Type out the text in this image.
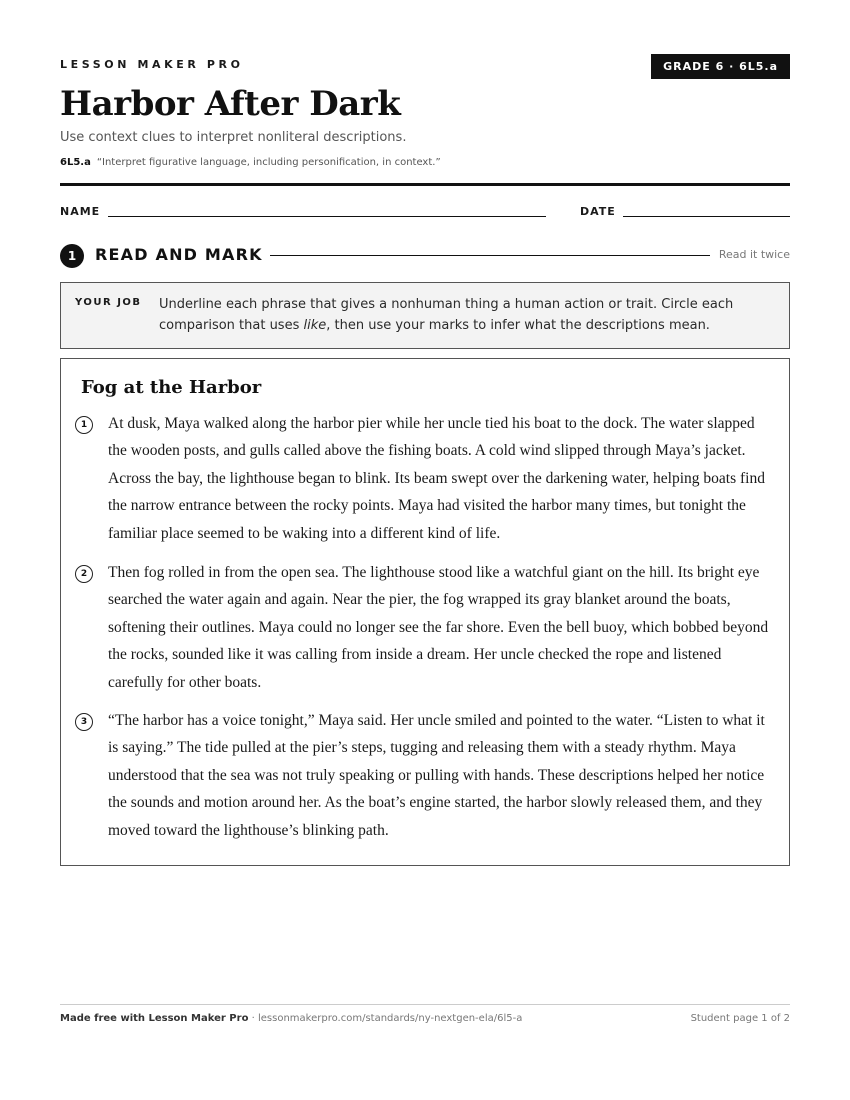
LESSON MAKER PRO	GRADE 6 · 6L5.a
Harbor After Dark
Use context clues to interpret nonliteral descriptions.
6L5.a “Interpret figurative language, including personification, in context.”
NAME	DATE
1	READ AND MARK	Read it twice
YOUR JOB Underline each phrase that gives a nonhuman thing a human action or trait. Circle each comparison that uses like, then use your marks to infer what the descriptions mean.
Fog at the Harbor
1	At dusk, Maya walked along the harbor pier while her uncle tied his boat to the dock. The water slapped the wooden posts, and gulls called above the fishing boats. A cold wind slipped through Maya’s jacket. Across the bay, the lighthouse began to blink. Its beam swept over the darkening water, helping boats find the narrow entrance between the rocky points. Maya had visited the harbor many times, but tonight the familiar place seemed to be waking into a different kind of life.

2	Then fog rolled in from the open sea. The lighthouse stood like a watchful giant on the hill. Its bright eye searched the water again and again. Near the pier, the fog wrapped its gray blanket around the boats, softening their outlines. Maya could no longer see the far shore. Even the bell buoy, which bobbed beyond the rocks, sounded like it was calling from inside a dream. Her uncle checked the rope and listened carefully for other boats.

3	“The harbor has a voice tonight,” Maya said. Her uncle smiled and pointed to the water. “Listen to what it is saying.” The tide pulled at the pier’s steps, tugging and releasing them with a steady rhythm. Maya understood that the sea was not truly speaking or pulling with hands. These descriptions helped her notice the sounds and motion around her. As the boat’s engine started, the harbor slowly released them, and they moved toward the lighthouse’s blinking path.

Made free with Lesson Maker Pro · lessonmakerpro.com/standards/ny-nextgen-ela/6l5-a	Student page 1 of 2
